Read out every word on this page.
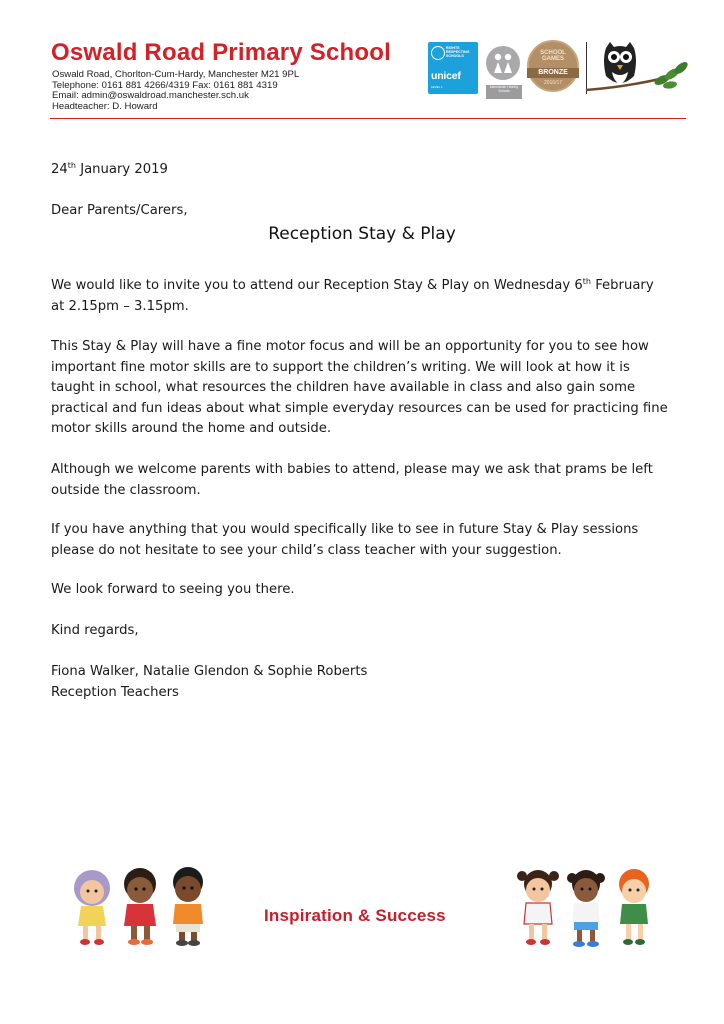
Oswald Road Primary School
Oswald Road, Chorlton-Cum-Hardy, Manchester M21 9PL
Telephone: 0161 881 4266/4319 Fax: 0161 881 4319
Email: admin@oswaldroad.manchester.sch.uk
Headteacher: D. Howard
RIGHTS RESPECTING SCHOOLS
unicef
LEVEL 1	Manchester Healthy Schools
SCHOOL GAMES
BRONZE
2016/17
24th January 2019
Dear Parents/Carers,
Reception Stay & Play
We would like to invite you to attend our Reception Stay & Play on Wednesday 6th February at 2.15pm – 3.15pm.
This Stay & Play will have a fine motor focus and will be an opportunity for you to see how important fine motor skills are to support the children’s writing. We will look at how it is taught in school, what resources the children have available in class and also gain some practical and fun ideas about what simple everyday resources can be used for practicing fine motor skills around the home and outside.
Although we welcome parents with babies to attend, please may we ask that prams be left outside the classroom.
If you have anything that you would specifically like to see in future Stay & Play sessions please do not hesitate to see your child’s class teacher with your suggestion.
We look forward to seeing you there.
Kind regards,
Fiona Walker, Natalie Glendon & Sophie Roberts
Reception Teachers
Inspiration & Success
